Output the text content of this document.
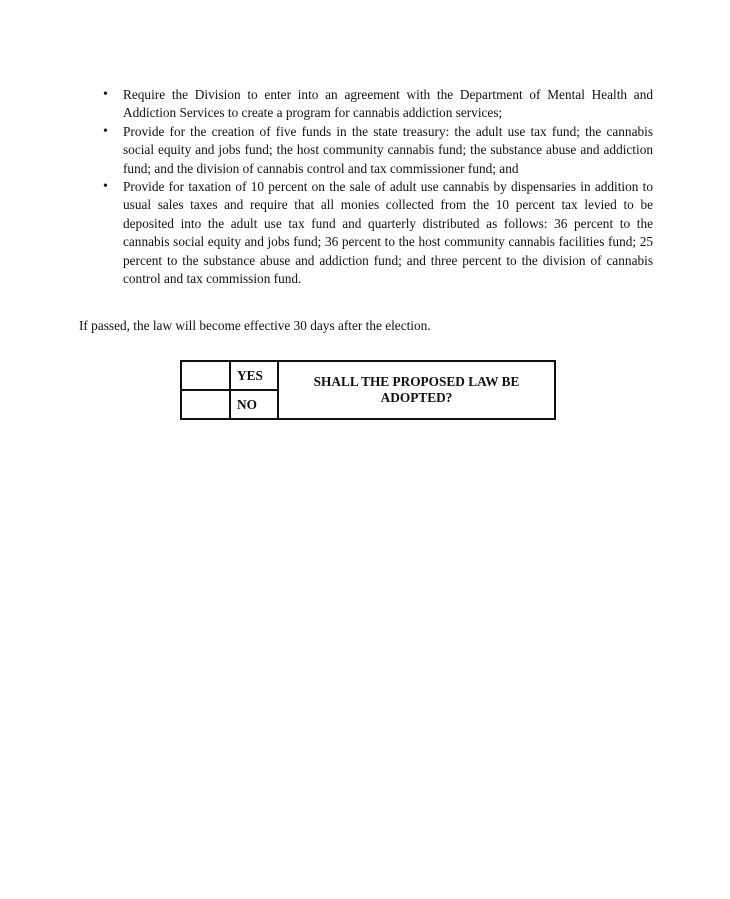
• Require the Division to enter into an agreement with the Department of Mental Health and Addiction Services to create a program for cannabis addiction services;
• Provide for the creation of five funds in the state treasury: the adult use tax fund; the cannabis social equity and jobs fund; the host community cannabis fund; the substance abuse and addiction fund; and the division of cannabis control and tax commissioner fund; and
• Provide for taxation of 10 percent on the sale of adult use cannabis by dispensaries in addition to usual sales taxes and require that all monies collected from the 10 percent tax levied to be deposited into the adult use tax fund and quarterly distributed as follows: 36 percent to the cannabis social equity and jobs fund; 36 percent to the host community cannabis facilities fund; 25 percent to the substance abuse and addiction fund; and three percent to the division of cannabis control and tax commission fund.
If passed, the law will become effective 30 days after the election.
	YES	SHALL THE PROPOSED LAW BE ADOPTED?
	NO	
